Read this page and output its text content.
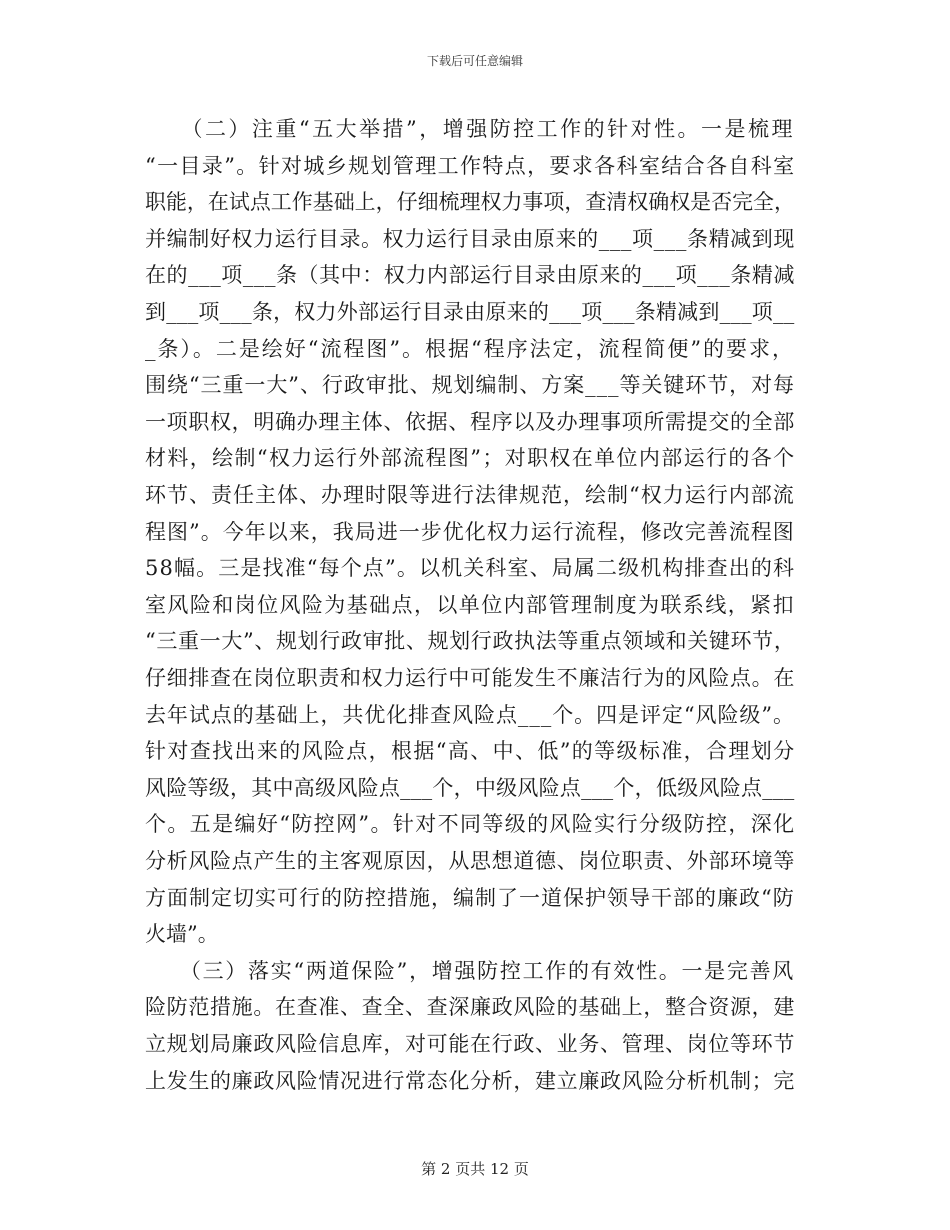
下载后可任意编辑
　　（二）注重“五大举措”，增强防控工作的针对性。一是梳理
“一目录”。针对城乡规划管理工作特点，要求各科室结合各自科室
职能，在试点工作基础上，仔细梳理权力事项，查清权确权是否完全，
并编制好权力运行目录。权力运行目录由原来的___项___条精减到现
在的___项___条（其中：权力内部运行目录由原来的___项___条精减
到___项___条，权力外部运行目录由原来的___项___条精减到___项__
_条）。二是绘好“流程图”。根据“程序法定，流程简便”的要求，
围绕“三重一大”、行政审批、规划编制、方案___等关键环节，对每
一项职权，明确办理主体、依据、程序以及办理事项所需提交的全部
材料，绘制“权力运行外部流程图”；对职权在单位内部运行的各个
环节、责任主体、办理时限等进行法律规范，绘制“权力运行内部流
程图”。今年以来，我局进一步优化权力运行流程，修改完善流程图
58幅。三是找准“每个点”。以机关科室、局属二级机构排查出的科
室风险和岗位风险为基础点，以单位内部管理制度为联系线，紧扣
“三重一大”、规划行政审批、规划行政执法等重点领域和关键环节，
仔细排查在岗位职责和权力运行中可能发生不廉洁行为的风险点。在
去年试点的基础上，共优化排查风险点___个。四是评定“风险级”。
针对查找出来的风险点，根据“高、中、低”的等级标准，合理划分
风险等级，其中高级风险点___个，中级风险点___个，低级风险点___
个。五是编好“防控网”。针对不同等级的风险实行分级防控，深化
分析风险点产生的主客观原因，从思想道德、岗位职责、外部环境等
方面制定切实可行的防控措施，编制了一道保护领导干部的廉政“防
火墙”。
　　（三）落实“两道保险”，增强防控工作的有效性。一是完善风
险防范措施。在查准、查全、查深廉政风险的基础上，整合资源，建
立规划局廉政风险信息库，对可能在行政、业务、管理、岗位等环节
上发生的廉政风险情况进行常态化分析，建立廉政风险分析机制；完
第 2 页共 12 页
